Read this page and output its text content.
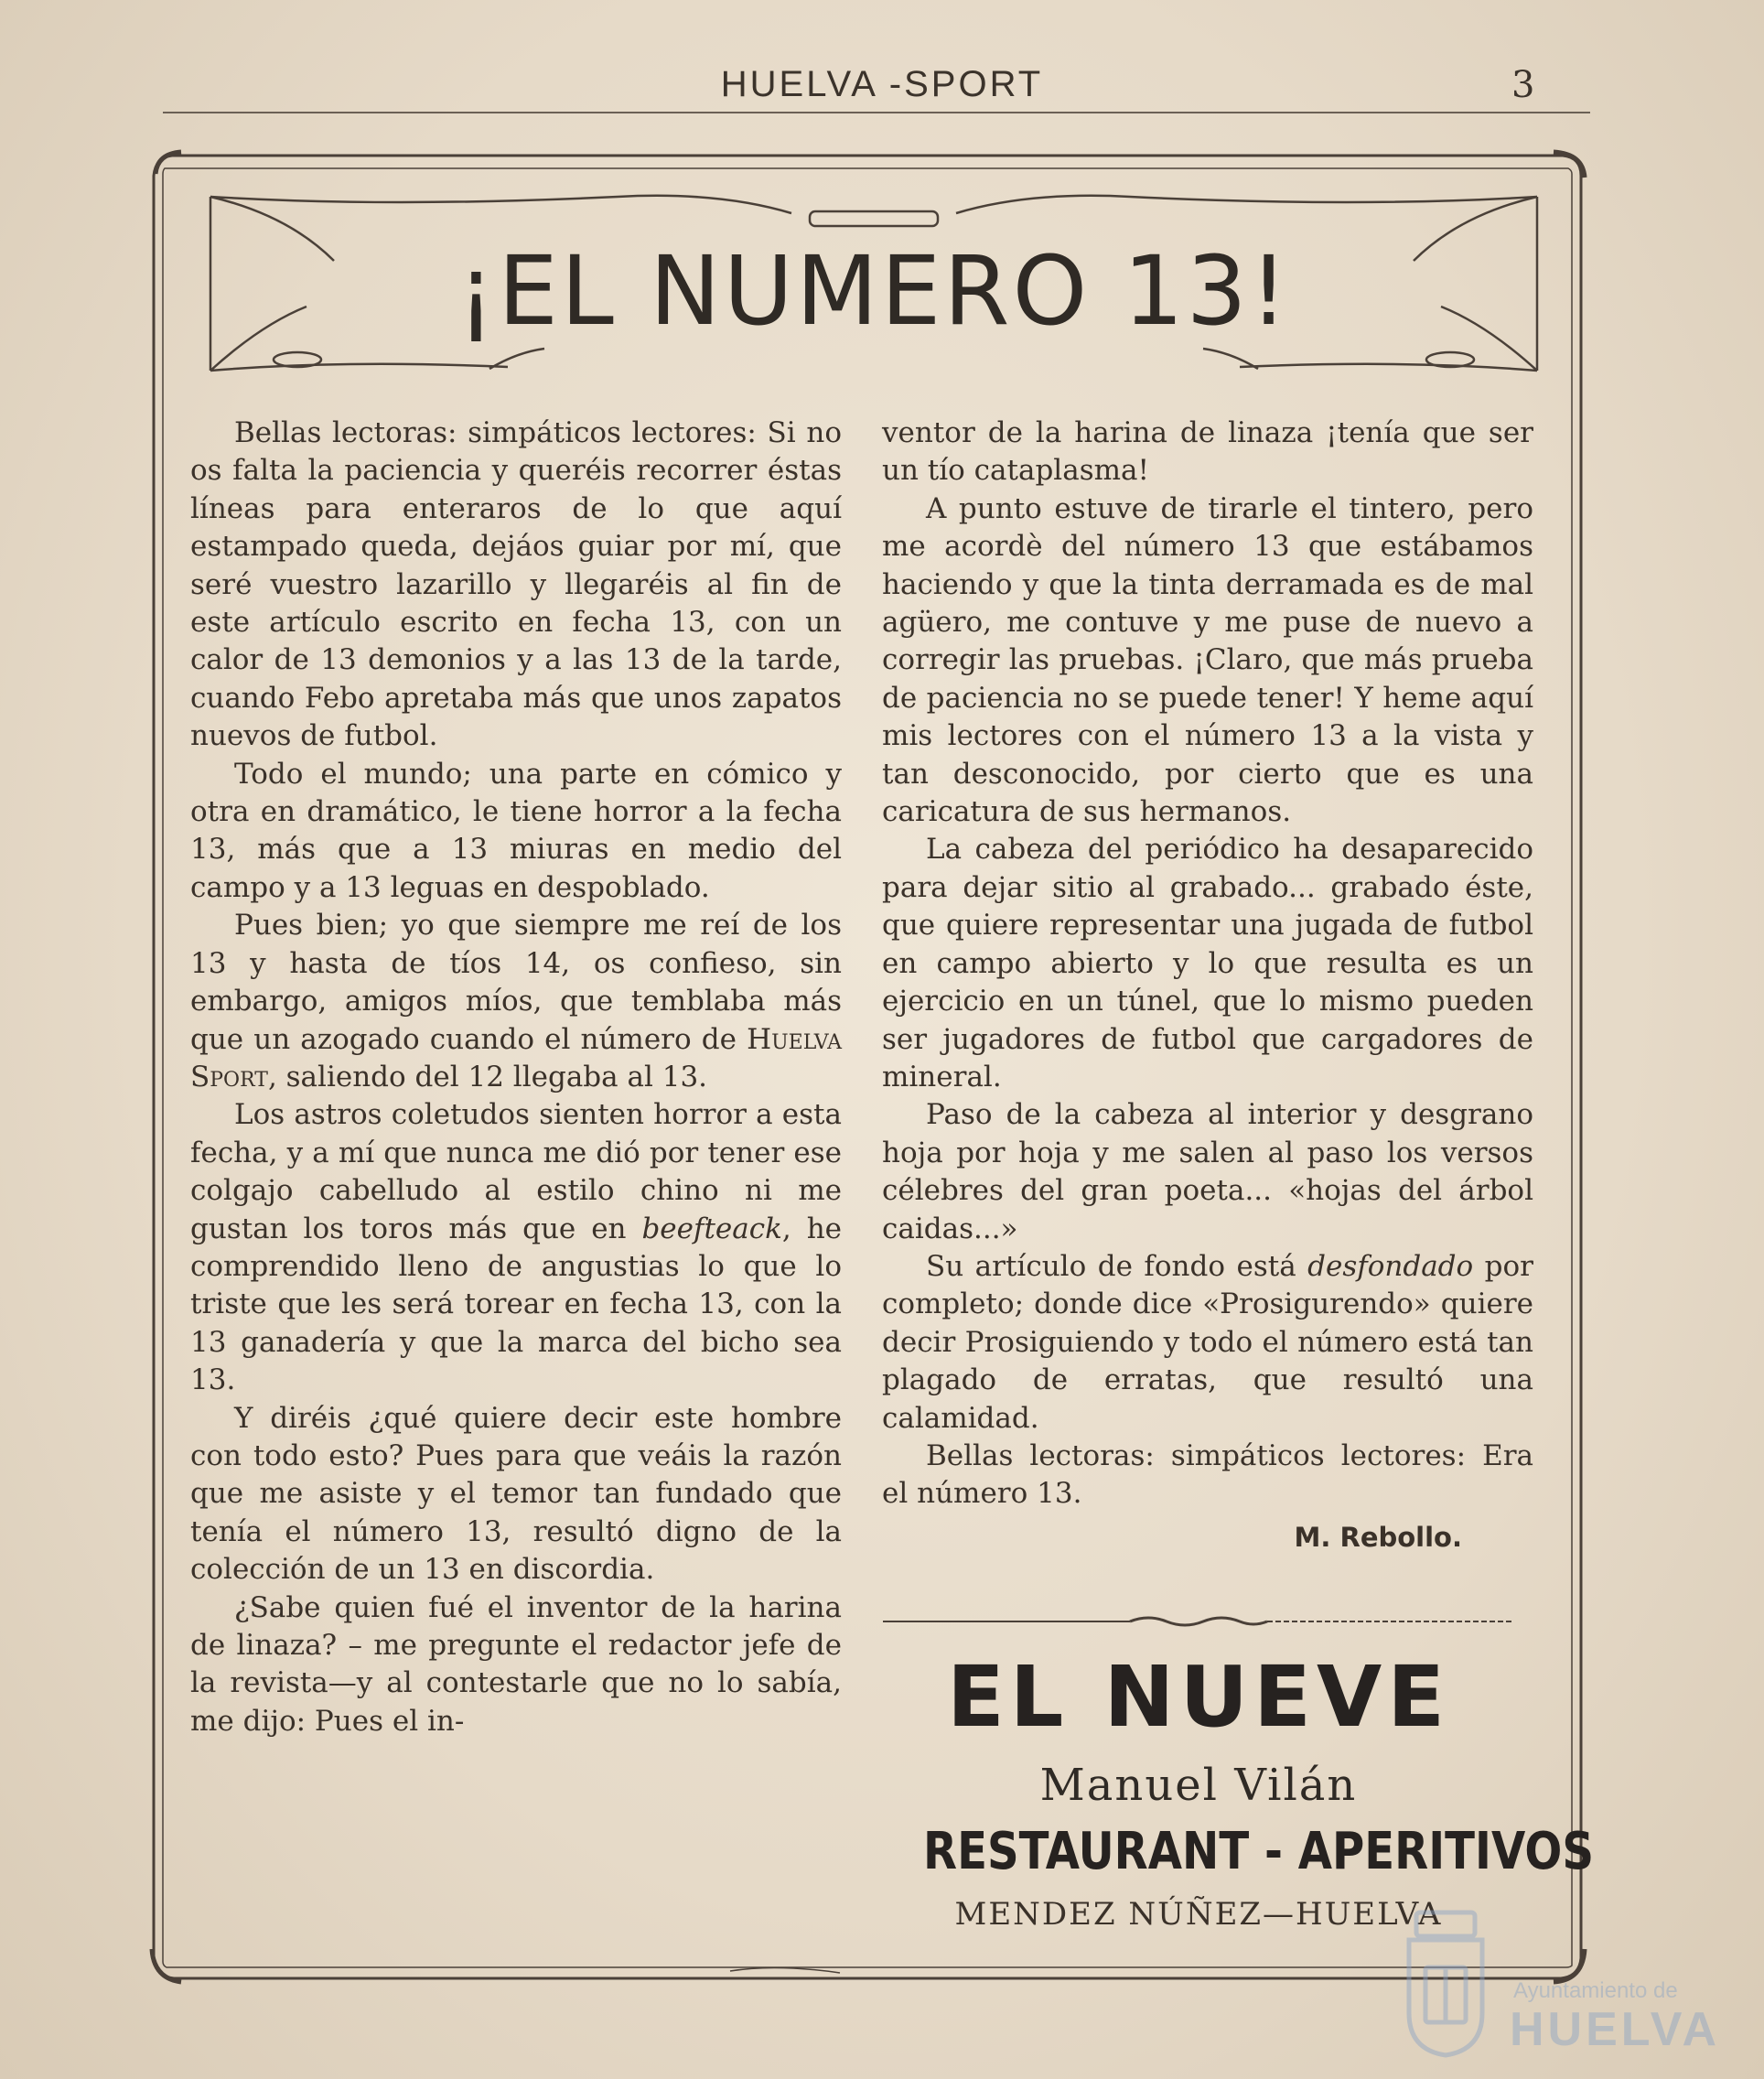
HUELVA -SPORT	3
¡EL NUMERO 13!

Bellas lectoras: simpáticos lectores: Si no os falta la paciencia y queréis recorrer éstas líneas para enteraros de lo que aquí estampado queda, dejáos guiar por mí, que seré vuestro lazarillo y llegaréis al fin de este artículo escrito en fecha 13, con un calor de 13 demonios y a las 13 de la tarde, cuando Febo apretaba más que unos zapatos nuevos de futbol.

Todo el mundo; una parte en cómico y otra en dramático, le tiene horror a la fecha 13, más que a 13 miuras en medio del campo y a 13 leguas en despoblado.

Pues bien; yo que siempre me reí de los 13 y hasta de tíos 14, os confieso, sin embargo, amigos míos, que temblaba más que un azogado cuando el número de Huelva Sport, saliendo del 12 llegaba al 13.

Los astros coletudos sienten horror a esta fecha, y a mí que nunca me dió por tener ese colgajo cabelludo al estilo chino ni me gustan los toros más que en beefteack, he comprendido lleno de angustias lo que lo triste que les será torear en fecha 13, con la 13 ganadería y que la marca del bicho sea 13.

Y diréis ¿qué quiere decir este hombre con todo esto? Pues para que veáis la razón que me asiste y el temor tan fundado que tenía el número 13, resultó digno de la colección de un 13 en discordia.

¿Sabe quien fué el inventor de la harina de linaza? – me pregunte el redactor jefe de la revista—y al contestarle que no lo sabía, me dijo: Pues el in-

ventor de la harina de linaza ¡tenía que ser un tío cataplasma!

A punto estuve de tirarle el tintero, pero me acordè del número 13 que estábamos haciendo y que la tinta derramada es de mal agüero, me contuve y me puse de nuevo a corregir las pruebas. ¡Claro, que más prueba de paciencia no se puede tener! Y heme aquí mis lectores con el número 13 a la vista y tan desconocido, por cierto que es una caricatura de sus hermanos.

La cabeza del periódico ha desaparecido para dejar sitio al grabado... grabado éste, que quiere representar una jugada de futbol en campo abierto y lo que resulta es un ejercicio en un túnel, que lo mismo pueden ser jugadores de futbol que cargadores de mineral.

Paso de la cabeza al interior y desgrano hoja por hoja y me salen al paso los versos célebres del gran poeta... «hojas del árbol caidas...»

Su artículo de fondo está desfondado por completo; donde dice «Prosigurendo» quiere decir Prosiguiendo y todo el número está tan plagado de erratas, que resultó una calamidad.

Bellas lectoras: simpáticos lectores: Era el número 13.

M. Rebollo.
EL NUEVE
Manuel Vilán
RESTAURANT - APERITIVOS
MENDEZ NÚÑEZ—HUELVA
Ayuntamiento de
HUELVA
